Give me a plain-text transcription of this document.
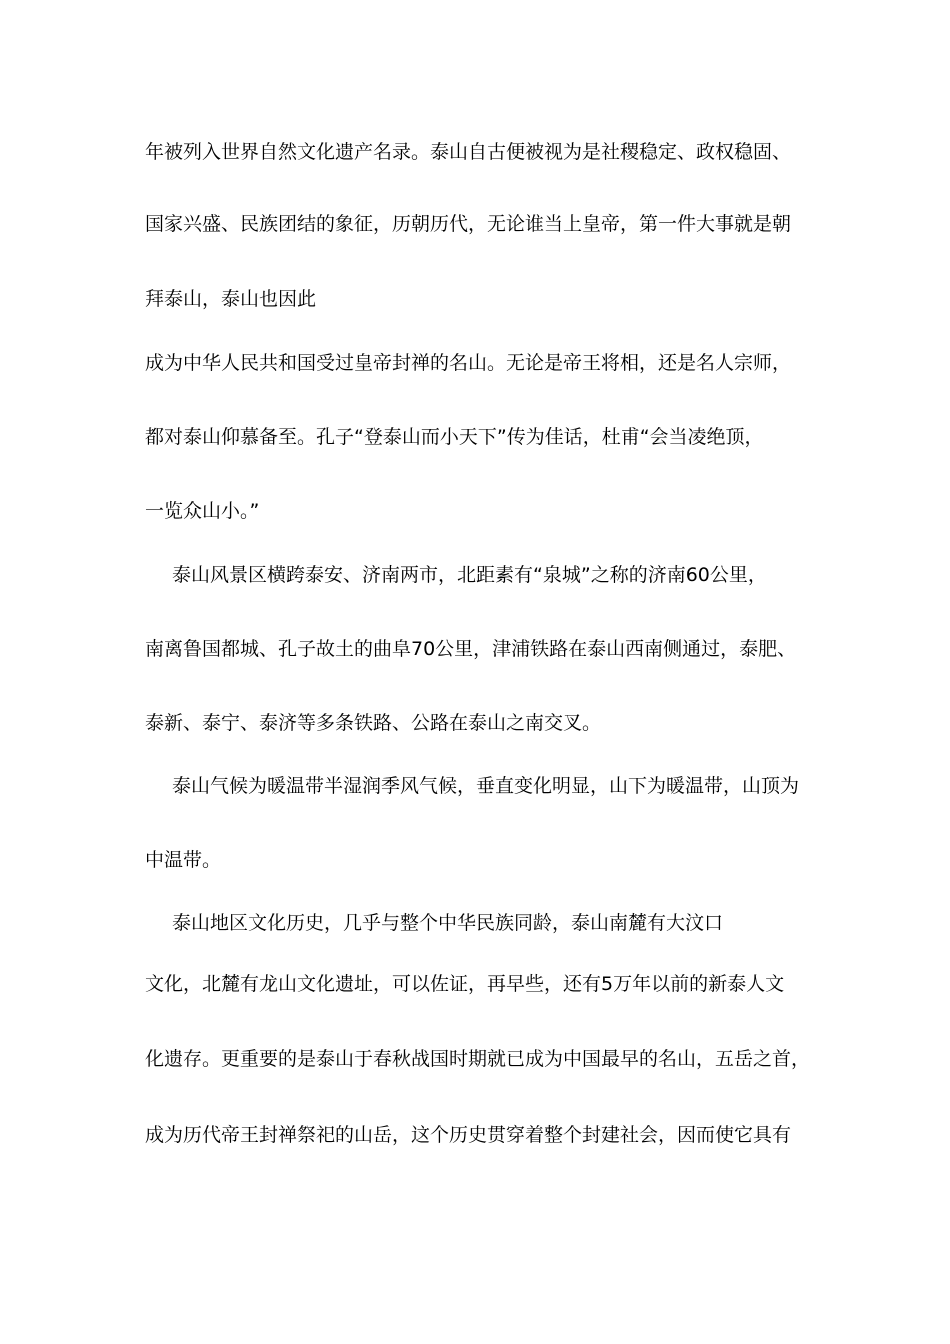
年被列入世界自然文化遗产名录。泰山自古便被视为是社稷稳定、政权稳固、
国家兴盛、民族团结的象征，历朝历代，无论谁当上皇帝，第一件大事就是朝
拜泰山，泰山也因此
成为中华人民共和国受过皇帝封禅的名山。无论是帝王将相，还是名人宗师，
都对泰山仰慕备至。孔子“登泰山而小天下”传为佳话，杜甫“会当凌绝顶，
一览众山小。”
泰山风景区横跨泰安、济南两市，北距素有“泉城”之称的济南60公里，
南离鲁国都城、孔子故土的曲阜70公里，津浦铁路在泰山西南侧通过，泰肥、
泰新、泰宁、泰济等多条铁路、公路在泰山之南交叉。
泰山气候为暖温带半湿润季风气候，垂直变化明显，山下为暖温带，山顶为
中温带。
泰山地区文化历史，几乎与整个中华民族同龄，泰山南麓有大汶口
文化，北麓有龙山文化遗址，可以佐证，再早些，还有5万年以前的新泰人文
化遗存。更重要的是泰山于春秋战国时期就已成为中国最早的名山，五岳之首，
成为历代帝王封禅祭祀的山岳，这个历史贯穿着整个封建社会，因而使它具有
